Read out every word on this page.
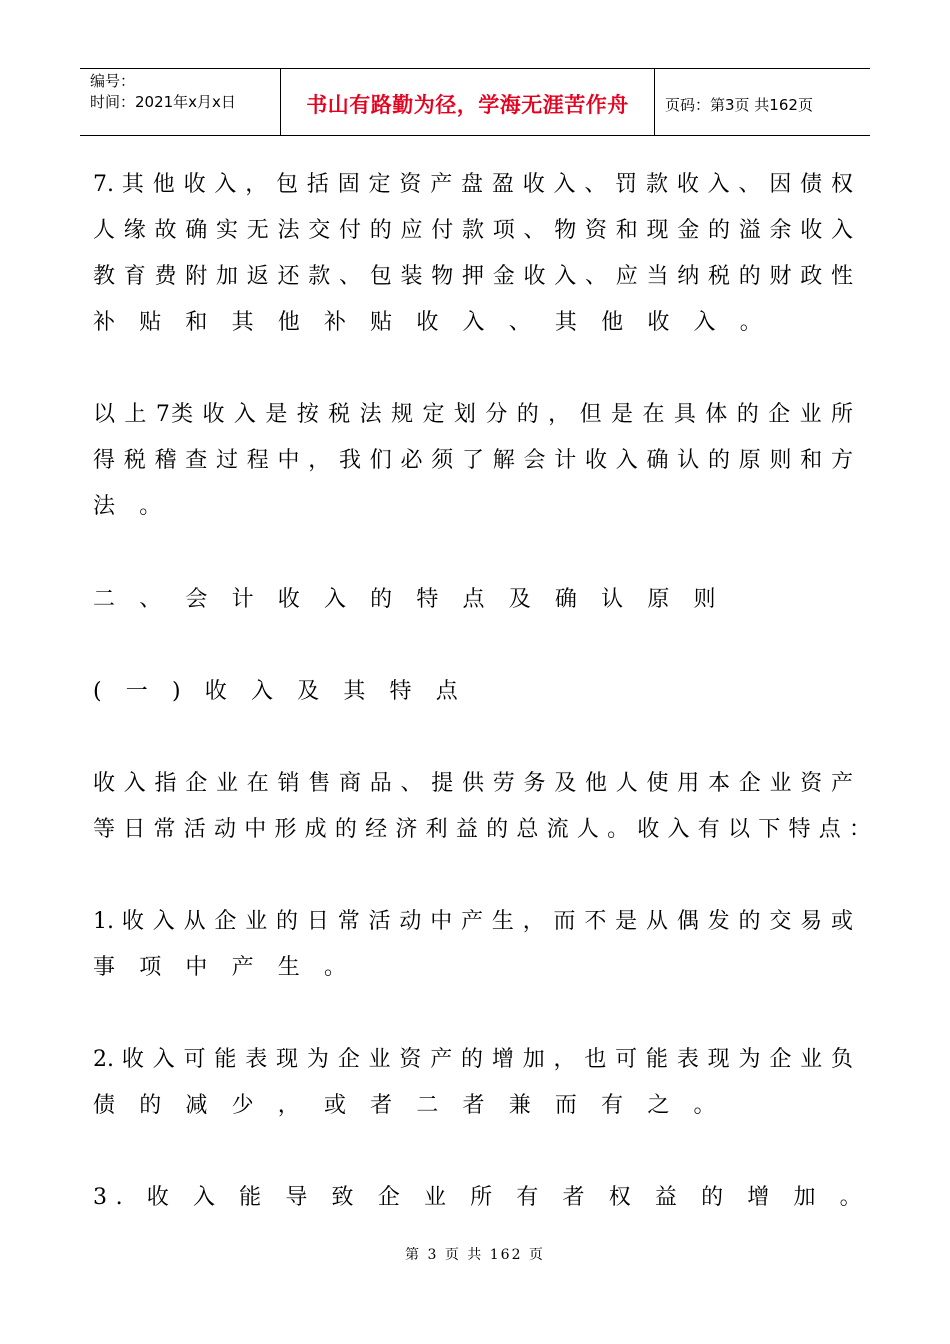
编号：
时间：2021年x月x日	书山有路勤为径，学海无涯苦作舟 页码：第3页 共162页
7. 其 他 收 入 ， 包 括 固 定 资 产 盘 盈 收 入 、 罚 款 收 入 、 因 债 权
人 缘 故 确 实 无 法 交 付 的 应 付 款 项 、 物 资 和 现 金 的 溢 余 收 入
教 育 费 附 加 返 还 款 、 包 装 物 押 金 收 入 、 应 当 纳 税 的 财 政 性
补 贴 和 其 他 补 贴 收 入 、 其 他 收 入 。
以 上 7类 收 入 是 按 税 法 规 定 划 分 的 ， 但 是 在 具 体 的 企 业 所
得 税 稽 查 过 程 中 ， 我 们 必 须 了 解 会 计 收 入 确 认 的 原 则 和 方
法 。
二 、 会 计 收 入 的 特 点 及 确 认 原 则
( 一 ) 收 入 及 其 特 点
收 入 指 企 业 在 销 售 商 品 、 提 供 劳 务 及 他 人 使 用 本 企 业 资 产
等 日 常 活 动 中 形 成 的 经 济 利 益 的 总 流 人 。 收 入 有 以 下 特 点 ：
1. 收 入 从 企 业 的 日 常 活 动 中 产 生 ， 而 不 是 从 偶 发 的 交 易 或
事 项 中 产 生 。
2. 收 入 可 能 表 现 为 企 业 资 产 的 增 加 ， 也 可 能 表 现 为 企 业 负
债 的 减 少 ， 或 者 二 者 兼 而 有 之 。
3. 收 入 能 导 致 企 业 所 有 者 权 益 的 增 加 。
第 3 页 共 162 页
